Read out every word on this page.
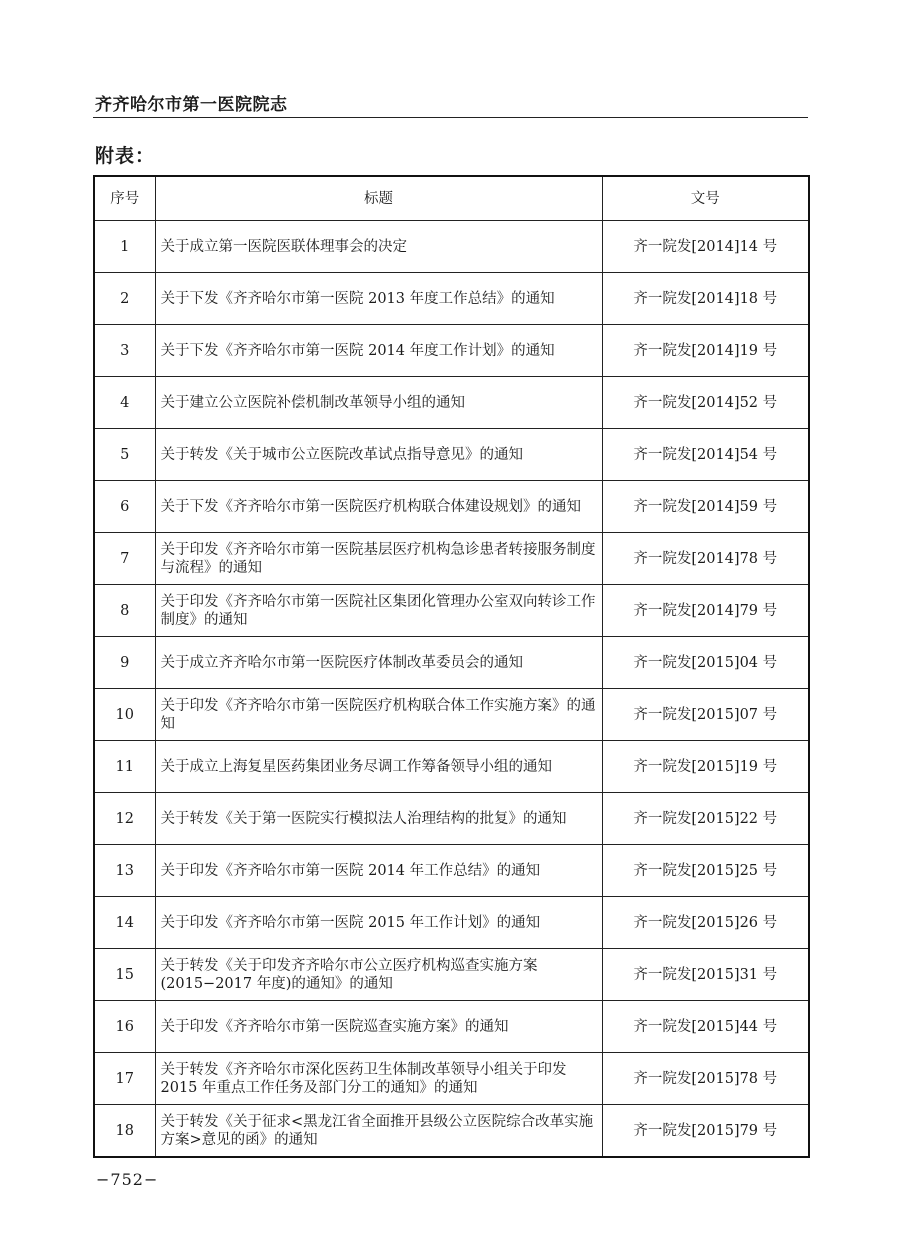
齐齐哈尔市第一医院院志
附表：
序号	标题	文号
1	关于成立第一医院医联体理事会的决定	齐一院发[2014]14 号
2	关于下发《齐齐哈尔市第一医院 2013 年度工作总结》的通知	齐一院发[2014]18 号
3	关于下发《齐齐哈尔市第一医院 2014 年度工作计划》的通知	齐一院发[2014]19 号
4	关于建立公立医院补偿机制改革领导小组的通知	齐一院发[2014]52 号
5	关于转发《关于城市公立医院改革试点指导意见》的通知	齐一院发[2014]54 号
6	关于下发《齐齐哈尔市第一医院医疗机构联合体建设规划》的通知	齐一院发[2014]59 号
7	关于印发《齐齐哈尔市第一医院基层医疗机构急诊患者转接服务制度与流程》的通知	齐一院发[2014]78 号
8	关于印发《齐齐哈尔市第一医院社区集团化管理办公室双向转诊工作制度》的通知	齐一院发[2014]79 号
9	关于成立齐齐哈尔市第一医院医疗体制改革委员会的通知	齐一院发[2015]04 号
10	关于印发《齐齐哈尔市第一医院医疗机构联合体工作实施方案》的通知	齐一院发[2015]07 号
11	关于成立上海复星医药集团业务尽调工作筹备领导小组的通知	齐一院发[2015]19 号
12	关于转发《关于第一医院实行模拟法人治理结构的批复》的通知	齐一院发[2015]22 号
13	关于印发《齐齐哈尔市第一医院 2014 年工作总结》的通知	齐一院发[2015]25 号
14	关于印发《齐齐哈尔市第一医院 2015 年工作计划》的通知	齐一院发[2015]26 号
15	关于转发《关于印发齐齐哈尔市公立医疗机构巡查实施方案(2015−2017 年度)的通知》的通知	齐一院发[2015]31 号
16	关于印发《齐齐哈尔市第一医院巡查实施方案》的通知	齐一院发[2015]44 号
17	关于转发《齐齐哈尔市深化医药卫生体制改革领导小组关于印发 2015 年重点工作任务及部门分工的通知》的通知	齐一院发[2015]78 号
18	关于转发《关于征求<黑龙江省全面推开县级公立医院综合改革实施方案>意见的函》的通知	齐一院发[2015]79 号
−752−
